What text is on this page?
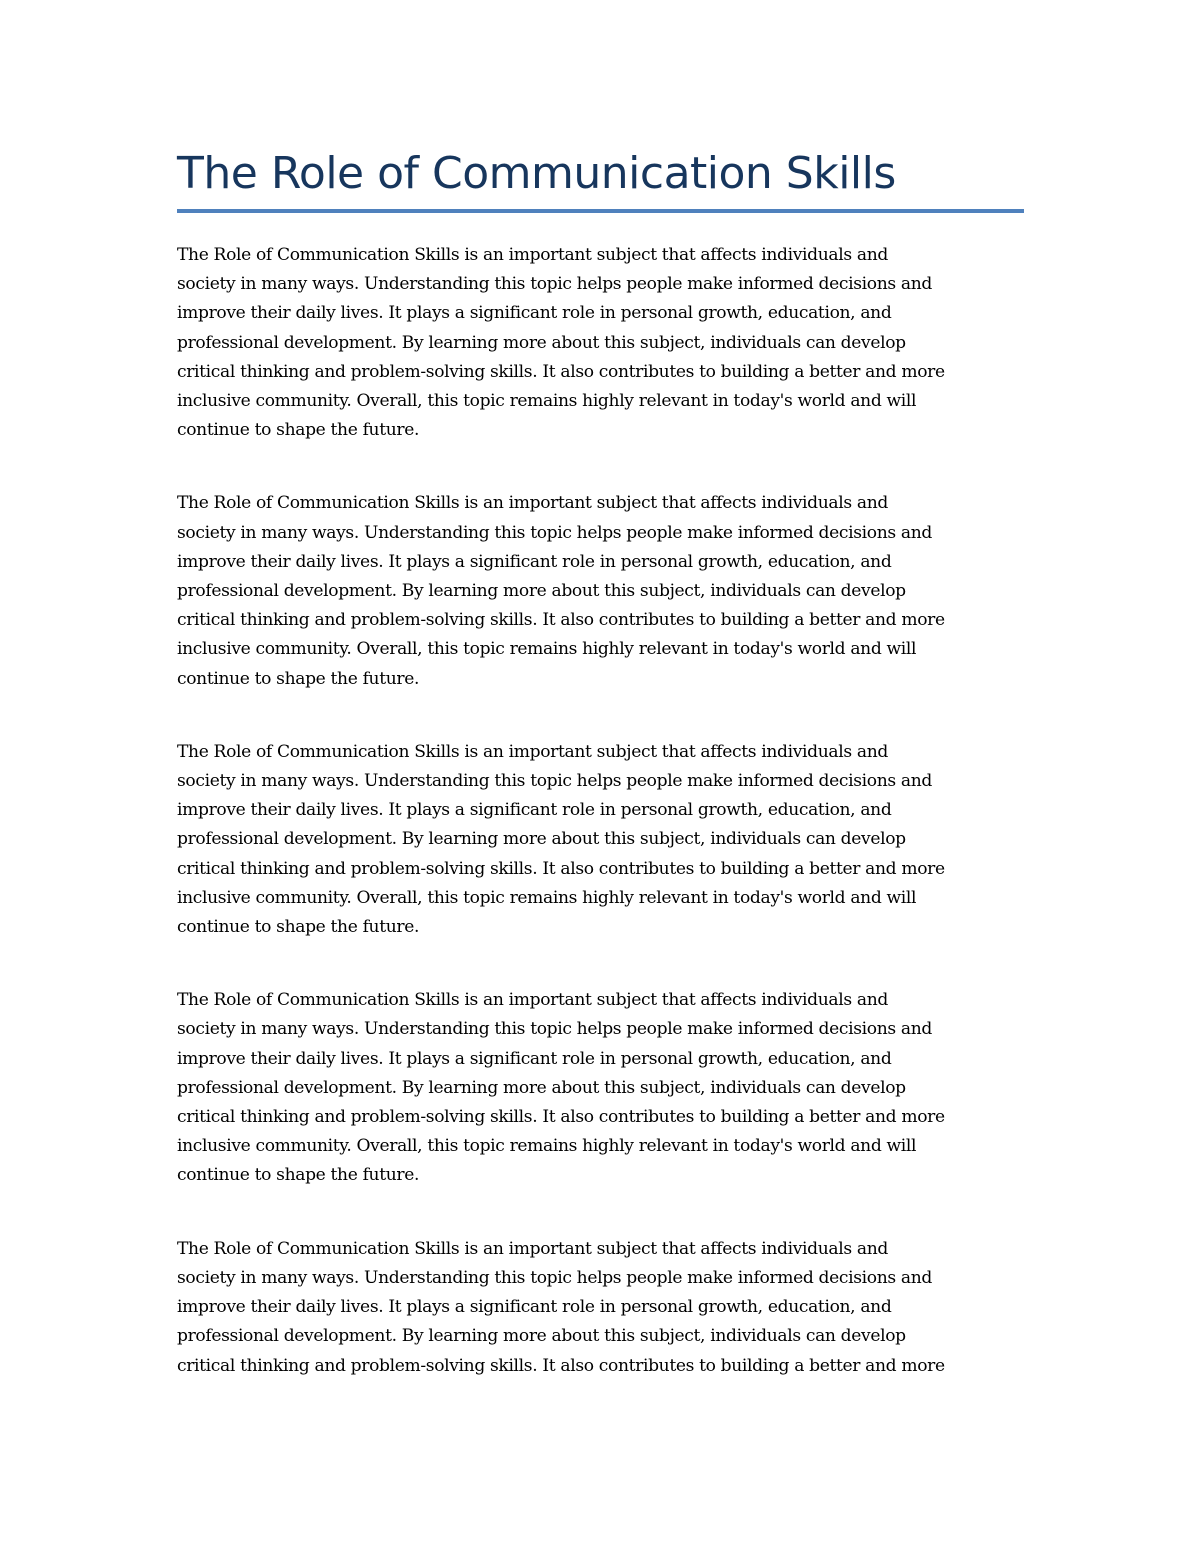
The Role of Communication Skills

The Role of Communication Skills is an important subject that affects individuals and
society in many ways. Understanding this topic helps people make informed decisions and
improve their daily lives. It plays a significant role in personal growth, education, and
professional development. By learning more about this subject, individuals can develop
critical thinking and problem-solving skills. It also contributes to building a better and more
inclusive community. Overall, this topic remains highly relevant in today's world and will
continue to shape the future.

The Role of Communication Skills is an important subject that affects individuals and
society in many ways. Understanding this topic helps people make informed decisions and
improve their daily lives. It plays a significant role in personal growth, education, and
professional development. By learning more about this subject, individuals can develop
critical thinking and problem-solving skills. It also contributes to building a better and more
inclusive community. Overall, this topic remains highly relevant in today's world and will
continue to shape the future.

The Role of Communication Skills is an important subject that affects individuals and
society in many ways. Understanding this topic helps people make informed decisions and
improve their daily lives. It plays a significant role in personal growth, education, and
professional development. By learning more about this subject, individuals can develop
critical thinking and problem-solving skills. It also contributes to building a better and more
inclusive community. Overall, this topic remains highly relevant in today's world and will
continue to shape the future.

The Role of Communication Skills is an important subject that affects individuals and
society in many ways. Understanding this topic helps people make informed decisions and
improve their daily lives. It plays a significant role in personal growth, education, and
professional development. By learning more about this subject, individuals can develop
critical thinking and problem-solving skills. It also contributes to building a better and more
inclusive community. Overall, this topic remains highly relevant in today's world and will
continue to shape the future.

The Role of Communication Skills is an important subject that affects individuals and
society in many ways. Understanding this topic helps people make informed decisions and
improve their daily lives. It plays a significant role in personal growth, education, and
professional development. By learning more about this subject, individuals can develop
critical thinking and problem-solving skills. It also contributes to building a better and more
